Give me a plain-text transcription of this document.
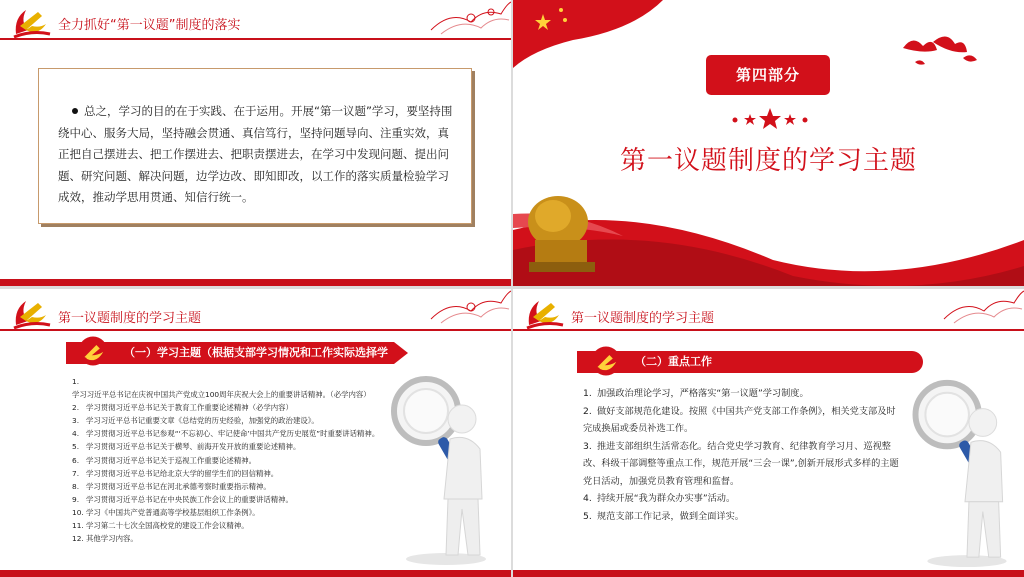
全力抓好“第一议题”制度的落实
总之，学习的目的在于实践、在于运用。开展“第一议题”学习，要坚持围绕中心、服务大局，坚持融会贯通、真信笃行，坚持问题导向、注重实效，真正把自己摆进去、把工作摆进去、把职责摆进去，在学习中发现问题、提出问题、研究问题、解决问题，边学边改、即知即改，以工作的落实质量检验学习成效，推动学思用贯通、知信行统一。
第四部分
第一议题制度的学习主题
第一议题制度的学习主题
（一）学习主题（根据支部学习情况和工作实际选择学习）
1.学习习近平总书记在庆祝中国共产党成立100周年庆祝大会上的重要讲话精神。（必学内容）
2. 学习贯彻习近平总书记关于教育工作重要论述精神（必学内容）
3. 学习习近平总书记重要文章《总结党的历史经验，加强党的政治建设》。
4. 学习贯彻习近平总书记参观“‘不忘初心、牢记使命’中国共产党历史展览”时重要讲话精神。
5. 学习贯彻习近平总书记关于横琴、前海开发开放的重要论述精神。
6. 学习贯彻习近平总书记关于巡视工作重要论述精神。
7. 学习贯彻习近平总书记给北京大学的留学生们的回信精神。
8. 学习贯彻习近平总书记在河北承德考察时重要指示精神。
9. 学习贯彻习近平总书记在中央民族工作会议上的重要讲话精神。
10. 学习《中国共产党普通高等学校基层组织工作条例》。
11. 学习第二十七次全国高校党的建设工作会议精神。
12. 其他学习内容。
第一议题制度的学习主题
（二）重点工作
1. 加强政治理论学习，严格落实“第一议题”学习制度。
2. 做好支部规范化建设。按照《中国共产党支部工作条例》，相关党支部及时完成换届或委员补选工作。
3. 推进支部组织生活常态化。结合党史学习教育、纪律教育学习月、巡视整改、科级干部调整等重点工作，规范开展“三会一课”,创新开展形式多样的主题党日活动，加强党员教育管理和监督。
4. 持续开展“我为群众办实事”活动。
5. 规范支部工作记录，做到全面详实。
